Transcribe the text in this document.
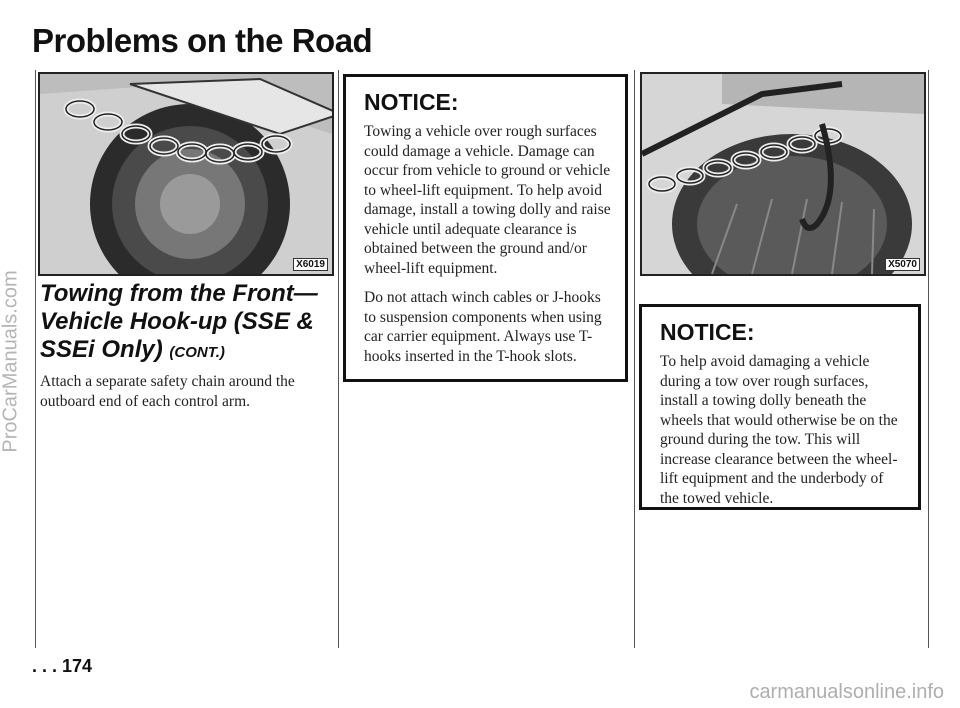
Problems on the Road
X6019
Towing from the Front—Vehicle Hook-up (SSE & SSEi Only) (CONT.)

Attach a separate safety chain around the outboard end of each control arm.

NOTICE:

Towing a vehicle over rough surfaces could damage a vehicle. Damage can occur from vehicle to ground or vehicle to wheel-lift equipment. To help avoid damage, install a towing dolly and raise vehicle until adequate clearance is obtained between the ground and/or wheel-lift equipment.

Do not attach winch cables or J-hooks to suspension components when using car carrier equipment. Always use T-hooks inserted in the T-hook slots.

X5070
NOTICE:

To help avoid damaging a vehicle during a tow over rough surfaces, install a towing dolly beneath the wheels that would otherwise be on the ground during the tow. This will increase clearance between the wheel-lift equipment and the underbody of the towed vehicle.

. . . 174
ProCarManuals.com
carmanualsonline.info
